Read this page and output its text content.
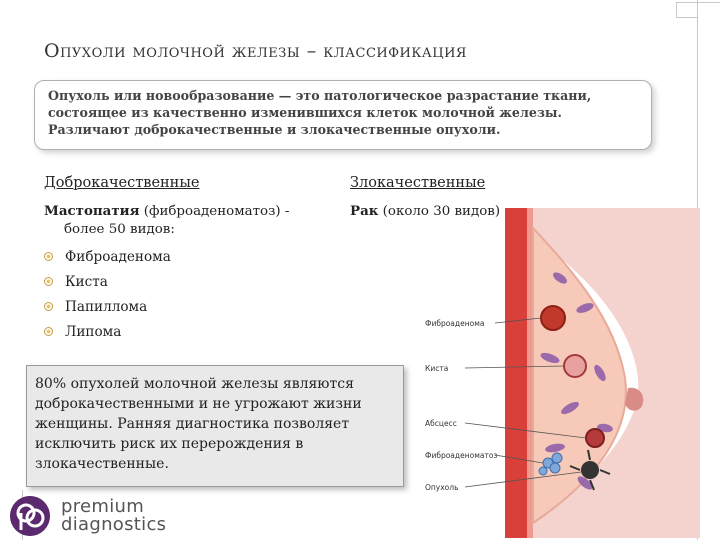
Опухоли молочной железы – классификация

Опухоль или новообразование — это патологическое разрастание ткани, состоящее из качественно изменившихся клеток молочной железы. Различают доброкачественные и злокачественные опухоли.

Доброкачественные	Злокачественные
Мастопатия (фиброаденоматоз) -
более 50 видов:
Рак (около 30 видов)
Фиброаденома
Киста
Папиллома
Липома	Фиброаденома
Киста
Абсцесс
Фиброаденоматоз
Опухоль

80% опухолей молочной железы являются доброкачественными и не угрожают жизни женщины. Ранняя диагностика позволяет исключить риск их перерождения в злокачественные.

premium
diagnostics
